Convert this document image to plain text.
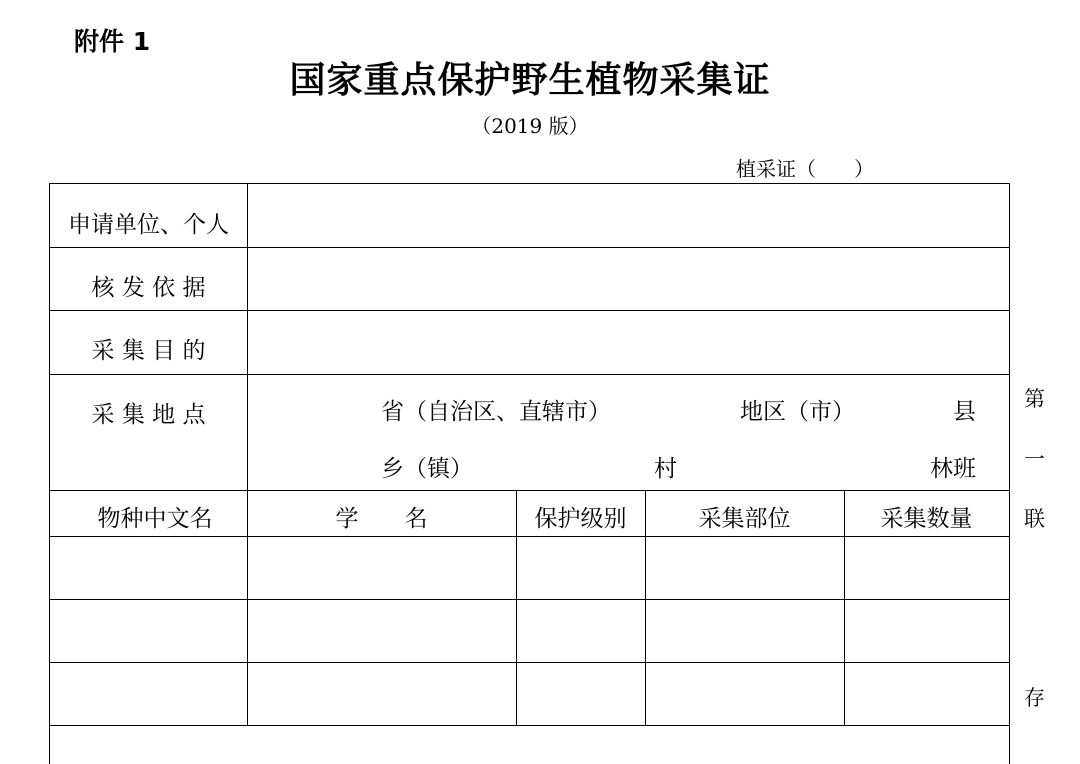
附件 1
国家重点保护野生植物采集证
（2019 版）
植采证（      ）
申请单位、个人
核 发 依 据
采 集 目 的
采 集 地 点	省（自治区、直辖市）	地区（市）	县
乡（镇）	村	林班
物种中文名	学　　名	保护级别	采集部位	采集数量
第
一
联
存
